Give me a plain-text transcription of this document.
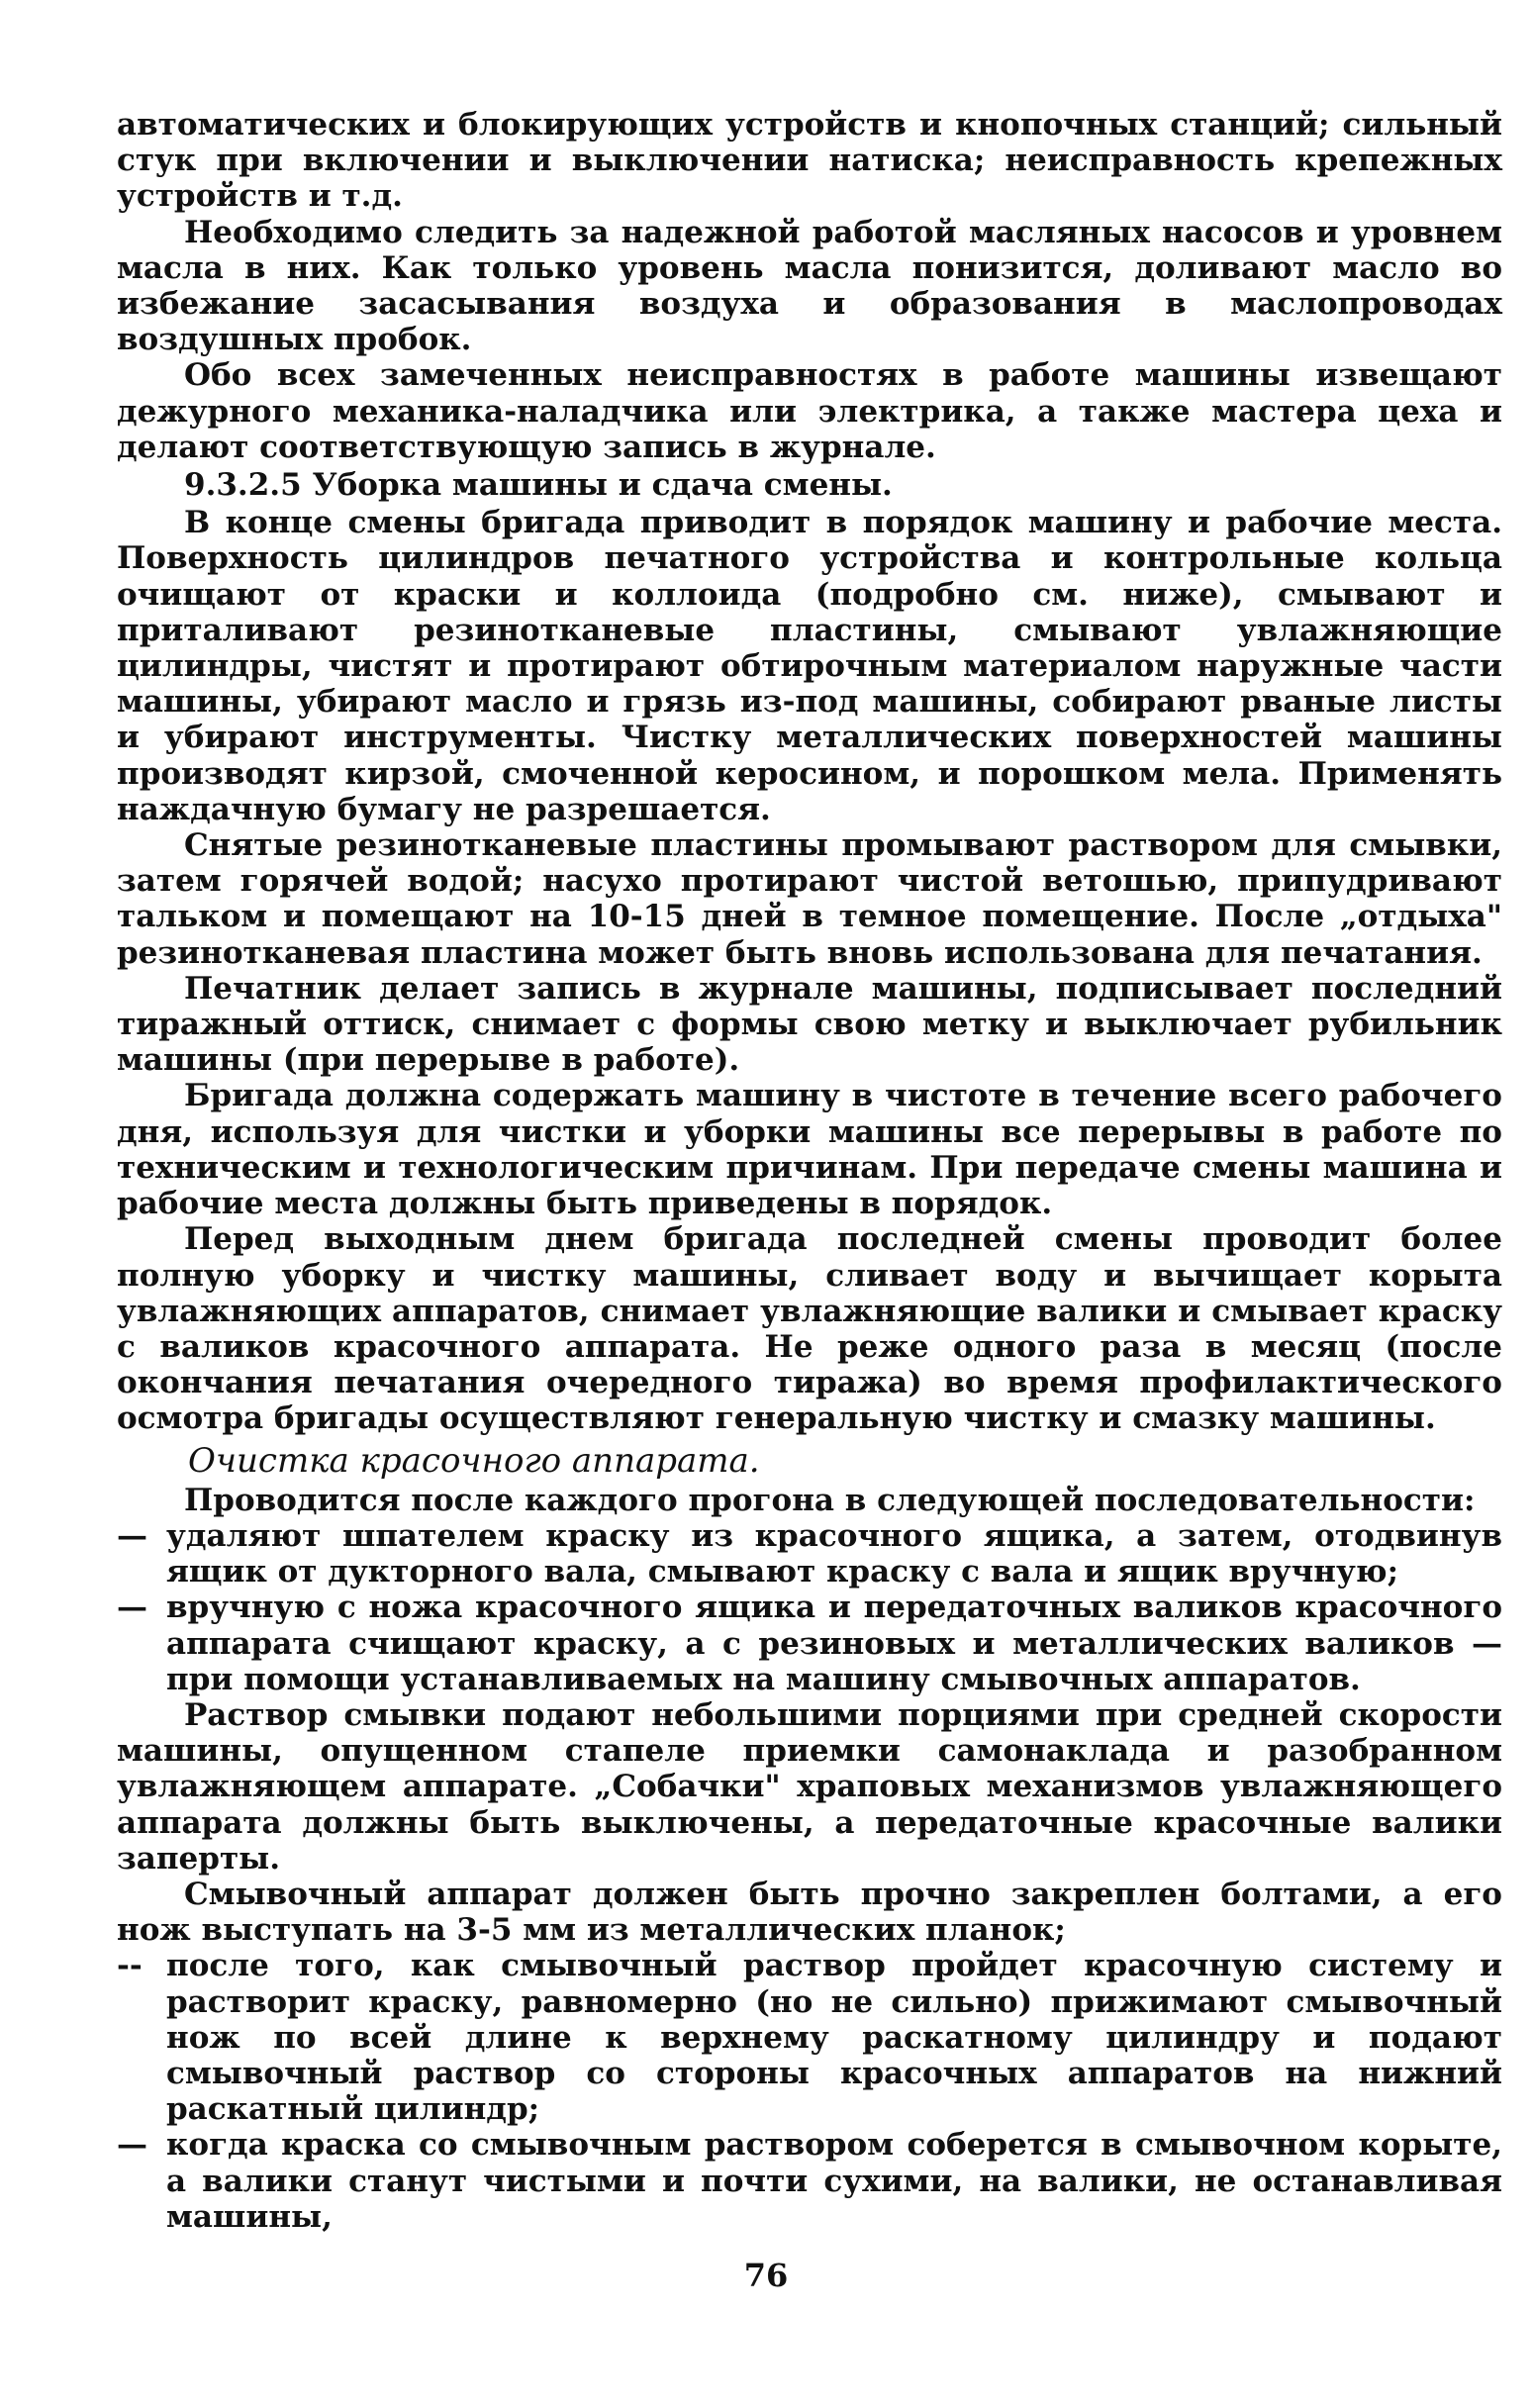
автоматических и блокирующих устройств и кнопочных станций; сильный стук при включении и выключении натиска; неисправность крепежных устройств и т.д.

Необходимо следить за надежной работой масляных насосов и уровнем масла в них. Как только уровень масла понизится, доливают масло во избежание засасывания воздуха и образования в маслопроводах воздушных пробок.

Обо всех замеченных неисправностях в работе машины извещают дежурного механика-наладчика или электрика, а также мастера цеха и делают соответствующую запись в журнале.

9.3.2.5 Уборка машины и сдача смены.

В конце смены бригада приводит в порядок машину и рабочие места. Поверхность цилиндров печатного устройства и контрольные кольца очищают от краски и коллоида (подробно см. ниже), смывают и приталивают резинотканевые пластины, смывают увлажняющие цилиндры, чистят и протирают обтирочным материалом наружные части машины, убирают масло и грязь из-под машины, собирают рваные листы и убирают инструменты. Чистку металлических поверхностей машины производят кирзой, смоченной керосином, и порошком мела. Применять наждачную бумагу не разрешается.

Снятые резинотканевые пластины промывают раствором для смывки, затем горячей водой; насухо протирают чистой ветошью, припудривают тальком и помещают на 10-15 дней в темное помещение. После „отдыха" резинотканевая пластина может быть вновь использована для печатания.

Печатник делает запись в журнале машины, подписывает последний тиражный оттиск, снимает с формы свою метку и выключает рубильник машины (при перерыве в работе).

Бригада должна содержать машину в чистоте в течение всего рабочего дня, используя для чистки и уборки машины все перерывы в работе по техническим и технологическим причинам. При передаче смены машина и рабочие места должны быть приведены в порядок.

Перед выходным днем бригада последней смены проводит более полную уборку и чистку машины, сливает воду и вычищает корыта увлажняющих аппаратов, снимает увлажняющие валики и смывает краску с валиков красочного аппарата. Не реже одного раза в месяц (после окончания печатания очередного тиража) во время профилактического осмотра бригады осуществляют генеральную чистку и смазку машины.

Очистка красочного аппарата.

Проводится после каждого прогона в следующей последовательности:

— удаляют шпателем краску из красочного ящика, а затем, отодвинув ящик от дукторного вала, смывают краску с вала и ящик вручную;

— вручную с ножа красочного ящика и передаточных валиков красочного аппарата счищают краску, а с резиновых и металлических валиков —при помощи устанавливаемых на машину смывочных аппаратов.

Раствор смывки подают небольшими порциями при средней скорости машины, опущенном стапеле приемки самонаклада и разобранном увлажняющем аппарате. „Собачки" храповых механизмов увлажняющего аппарата должны быть выключены, а передаточные красочные валики заперты.

Смывочный аппарат должен быть прочно закреплен болтами, а его нож выступать на 3-5 мм из металлических планок;

-- после того, как смывочный раствор пройдет красочную систему и растворит краску, равномерно (но не сильно) прижимают смывочный нож по всей длине к верхнему раскатному цилиндру и подают смывочный раствор со стороны красочных аппаратов на нижний раскатный цилиндр;

— когда краска со смывочным раствором соберется в смывочном корыте, а валики станут чистыми и почти сухими, на валики, не останавливая машины,

76
